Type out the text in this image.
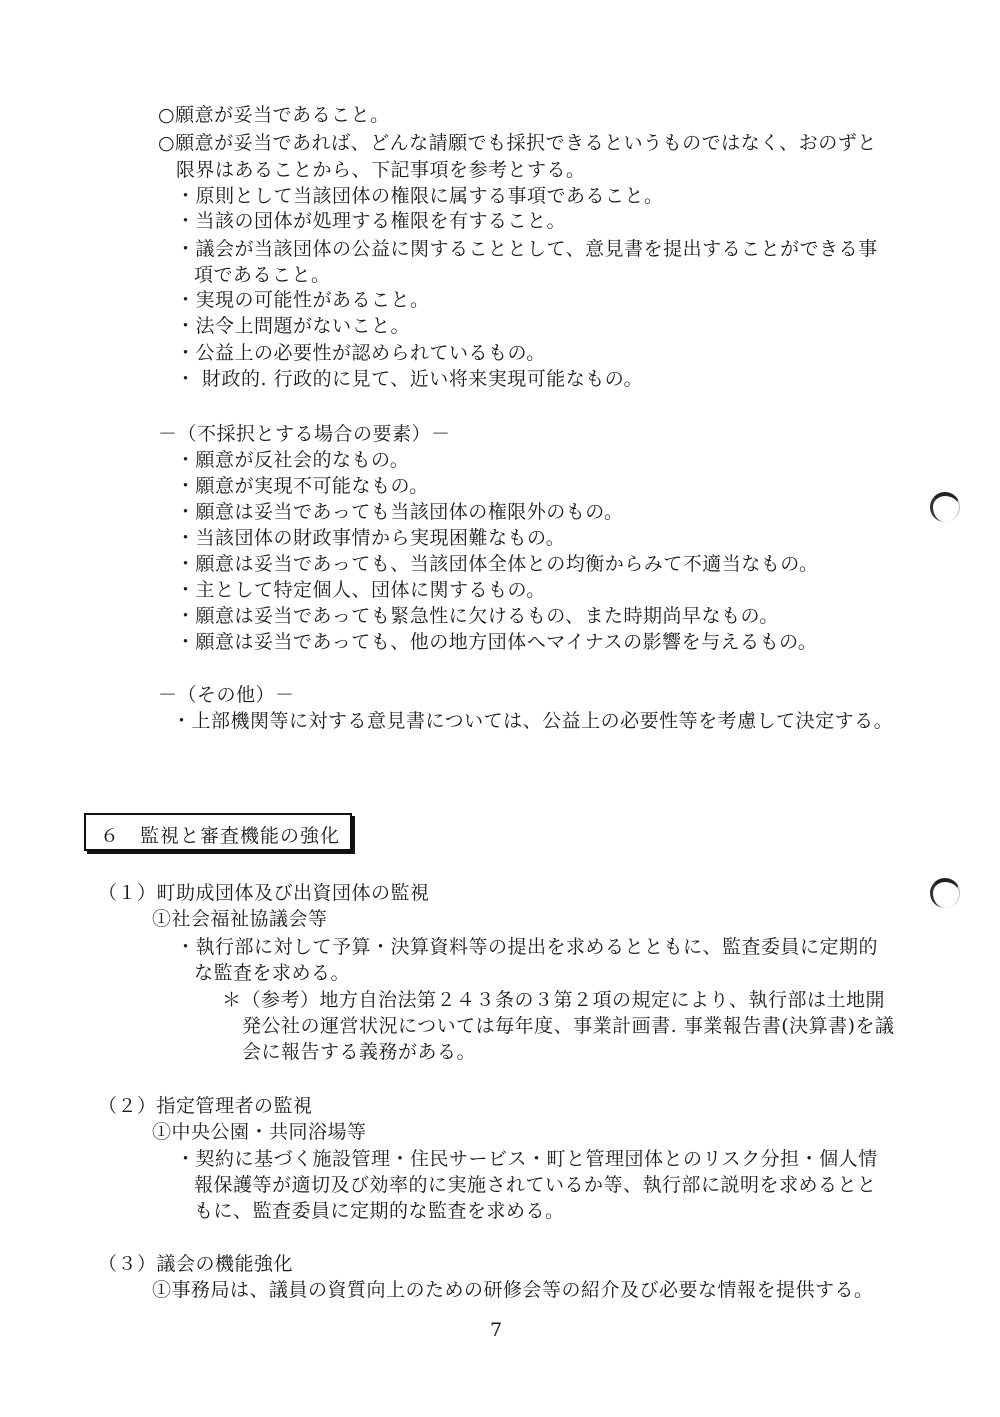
○願意が妥当であること。
○願意が妥当であれば、どんな請願でも採択できるというものではなく、おのずと
限界はあることから、下記事項を参考とする。
・原則として当該団体の権限に属する事項であること。
・当該の団体が処理する権限を有すること。
・議会が当該団体の公益に関することとして、意見書を提出することができる事
項であること。
・実現の可能性があること。
・法令上問題がないこと。
・公益上の必要性が認められているもの。
・ 財政的. 行政的に見て、近い将来実現可能なもの。
－（不採択とする場合の要素）－
・願意が反社会的なもの。
・願意が実現不可能なもの。
・願意は妥当であっても当該団体の権限外のもの。
・当該団体の財政事情から実現困難なもの。
・願意は妥当であっても、当該団体全体との均衡からみて不適当なもの。
・主として特定個人、団体に関するもの。
・願意は妥当であっても緊急性に欠けるもの、また時期尚早なもの。
・願意は妥当であっても、他の地方団体へマイナスの影響を与えるもの。
－（その他）－
・上部機関等に対する意見書については、公益上の必要性等を考慮して決定する。
６　監視と審査機能の強化
（１）町助成団体及び出資団体の監視
①社会福祉協議会等
・執行部に対して予算・決算資料等の提出を求めるとともに、監査委員に定期的
な監査を求める。
＊（参考）地方自治法第２４３条の３第２項の規定により、執行部は土地開
発公社の運営状況については毎年度、事業計画書. 事業報告書(決算書)を議
会に報告する義務がある。
（２）指定管理者の監視
①中央公園・共同浴場等
・契約に基づく施設管理・住民サービス・町と管理団体とのリスク分担・個人情
報保護等が適切及び効率的に実施されているか等、執行部に説明を求めるとと
もに、監査委員に定期的な監査を求める。
（３）議会の機能強化
①事務局は、議員の資質向上のための研修会等の紹介及び必要な情報を提供する。
7
